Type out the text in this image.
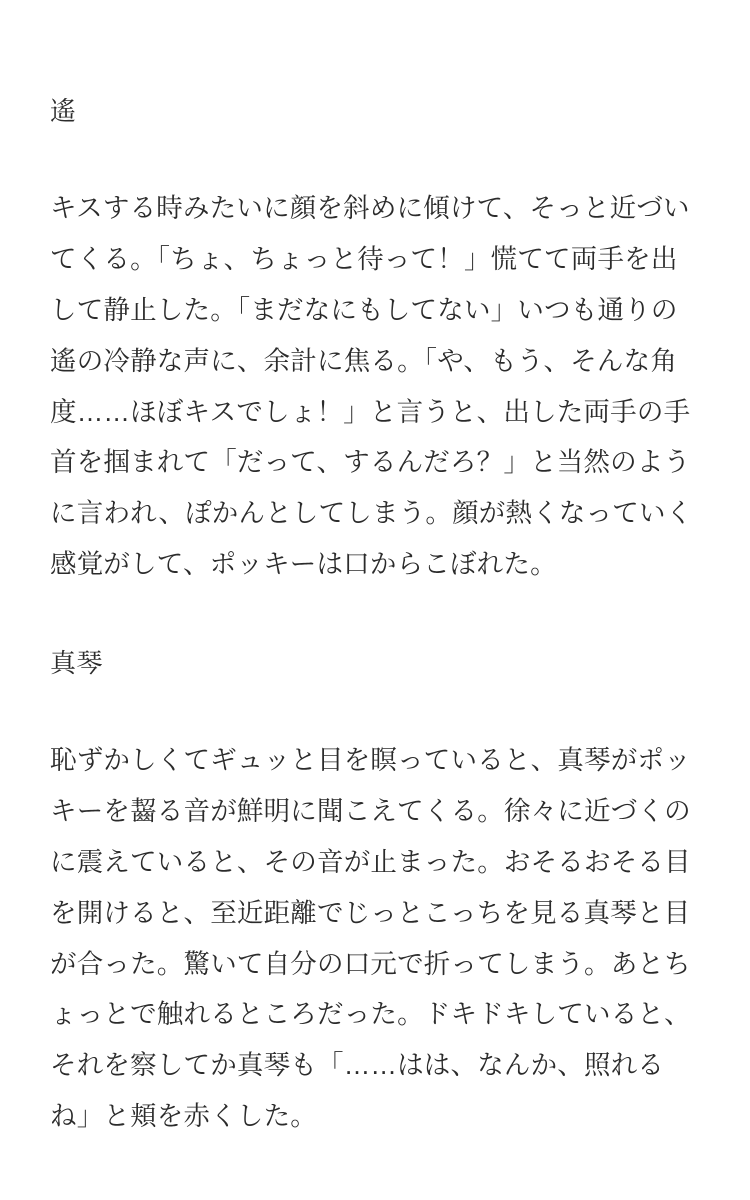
遙

キスする時みたいに顔を斜めに傾けて、そっと近づいてくる。「ちょ、ちょっと待って！」慌てて両手を出して静止した。「まだなにもしてない」いつも通りの遙の冷静な声に、余計に焦る。「や、もう、そんな角度……ほぼキスでしょ！」と言うと、出した両手の手首を掴まれて「だって、するんだろ？」と当然のように言われ、ぽかんとしてしまう。顔が熱くなっていく感覚がして、ポッキーは口からこぼれた。

真琴

恥ずかしくてギュッと目を瞑っていると、真琴がポッキーを齧る音が鮮明に聞こえてくる。徐々に近づくのに震えていると、その音が止まった。おそるおそる目を開けると、至近距離でじっとこっちを見る真琴と目が合った。驚いて自分の口元で折ってしまう。あとちょっとで触れるところだった。ドキドキしていると、それを察してか真琴も「……はは、なんか、照れるね」と頬を赤くした。
